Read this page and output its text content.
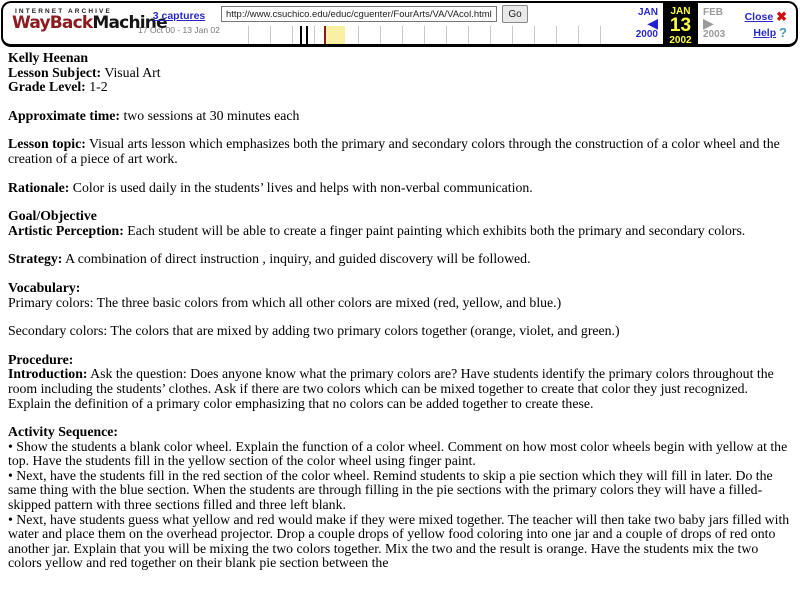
INTERNET ARCHIVE
WayBackMachine
3 captures
17 Oct 00 - 13 Jan 02
http://www.csuchico.edu/educ/cguenter/FourArts/VA/VAcol.html
Go	JAN
◀
2000
JAN
13
2002
FEB
▶
2003
Close ✖
Help ?
Kelly Heenan
Lesson Subject: Visual Art
Grade Level: 1-2
Approximate time: two sessions at 30 minutes each
Lesson topic: Visual arts lesson which emphasizes both the primary and secondary colors through the construction of a color wheel and the creation of a piece of art work.
Rationale: Color is used daily in the students’ lives and helps with non-verbal communication.
Goal/Objective
Artistic Perception: Each student will be able to create a finger paint painting which exhibits both the primary and secondary colors.
Strategy: A combination of direct instruction , inquiry, and guided discovery will be followed.
Vocabulary:
Primary colors: The three basic colors from which all other colors are mixed (red, yellow, and blue.)
Secondary colors: The colors that are mixed by adding two primary colors together (orange, violet, and green.)
Procedure:
Introduction: Ask the question: Does anyone know what the primary colors are? Have students identify the primary colors throughout the room including the students’ clothes. Ask if there are two colors which can be mixed together to create that color they just recognized. Explain the definition of a primary color emphasizing that no colors can be added together to create these.
Activity Sequence:
• Show the students a blank color wheel. Explain the function of a color wheel. Comment on how most color wheels begin with yellow at the top. Have the students fill in the yellow section of the color wheel using finger paint.
• Next, have the students fill in the red section of the color wheel. Remind students to skip a pie section which they will fill in later. Do the same thing with the blue section. When the students are through filling in the pie sections with the primary colors they will have a filled-skipped pattern with three sections filled and three left blank.
• Next, have students guess what yellow and red would make if they were mixed together. The teacher will then take two baby jars filled with water and place them on the overhead projector. Drop a couple drops of yellow food coloring into one jar and a couple of drops of red onto another jar. Explain that you will be mixing the two colors together. Mix the two and the result is orange. Have the students mix the two colors yellow and red together on their blank pie section between the
